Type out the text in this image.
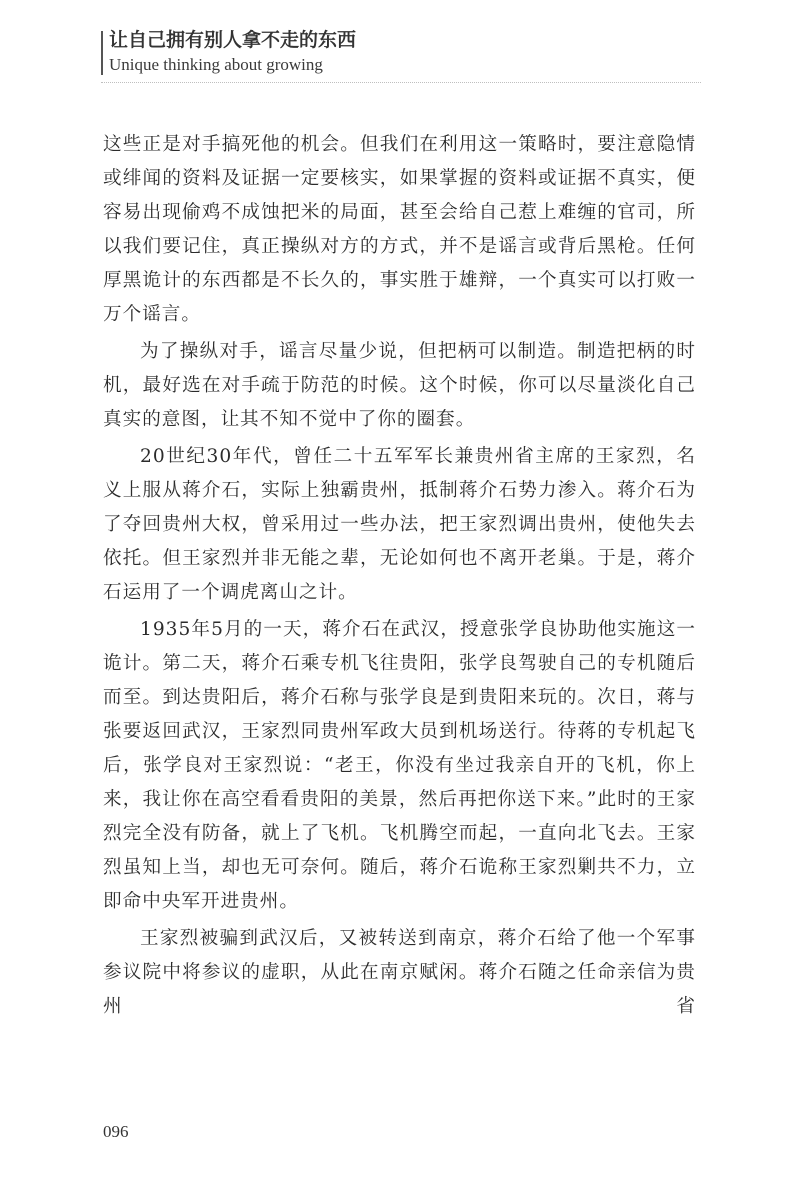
让自己拥有别人拿不走的东西
Unique thinking about growing

这些正是对手搞死他的机会。但我们在利用这一策略时，要注意隐情或绯闻的资料及证据一定要核实，如果掌握的资料或证据不真实，便容易出现偷鸡不成蚀把米的局面，甚至会给自己惹上难缠的官司，所以我们要记住，真正操纵对方的方式，并不是谣言或背后黑枪。任何厚黑诡计的东西都是不长久的，事实胜于雄辩，一个真实可以打败一万个谣言。

为了操纵对手，谣言尽量少说，但把柄可以制造。制造把柄的时机，最好选在对手疏于防范的时候。这个时候，你可以尽量淡化自己真实的意图，让其不知不觉中了你的圈套。

20世纪30年代，曾任二十五军军长兼贵州省主席的王家烈，名义上服从蒋介石，实际上独霸贵州，抵制蒋介石势力渗入。蒋介石为了夺回贵州大权，曾采用过一些办法，把王家烈调出贵州，使他失去依托。但王家烈并非无能之辈，无论如何也不离开老巢。于是，蒋介石运用了一个调虎离山之计。

1935年5月的一天，蒋介石在武汉，授意张学良协助他实施这一诡计。第二天，蒋介石乘专机飞往贵阳，张学良驾驶自己的专机随后而至。到达贵阳后，蒋介石称与张学良是到贵阳来玩的。次日，蒋与张要返回武汉，王家烈同贵州军政大员到机场送行。待蒋的专机起飞后，张学良对王家烈说：“老王，你没有坐过我亲自开的飞机，你上来，我让你在高空看看贵阳的美景，然后再把你送下来。”此时的王家烈完全没有防备，就上了飞机。飞机腾空而起，一直向北飞去。王家烈虽知上当，却也无可奈何。随后，蒋介石诡称王家烈剿共不力，立即命中央军开进贵州。

王家烈被骗到武汉后，又被转送到南京，蒋介石给了他一个军事参议院中将参议的虚职，从此在南京赋闲。蒋介石随之任命亲信为贵州省

096
